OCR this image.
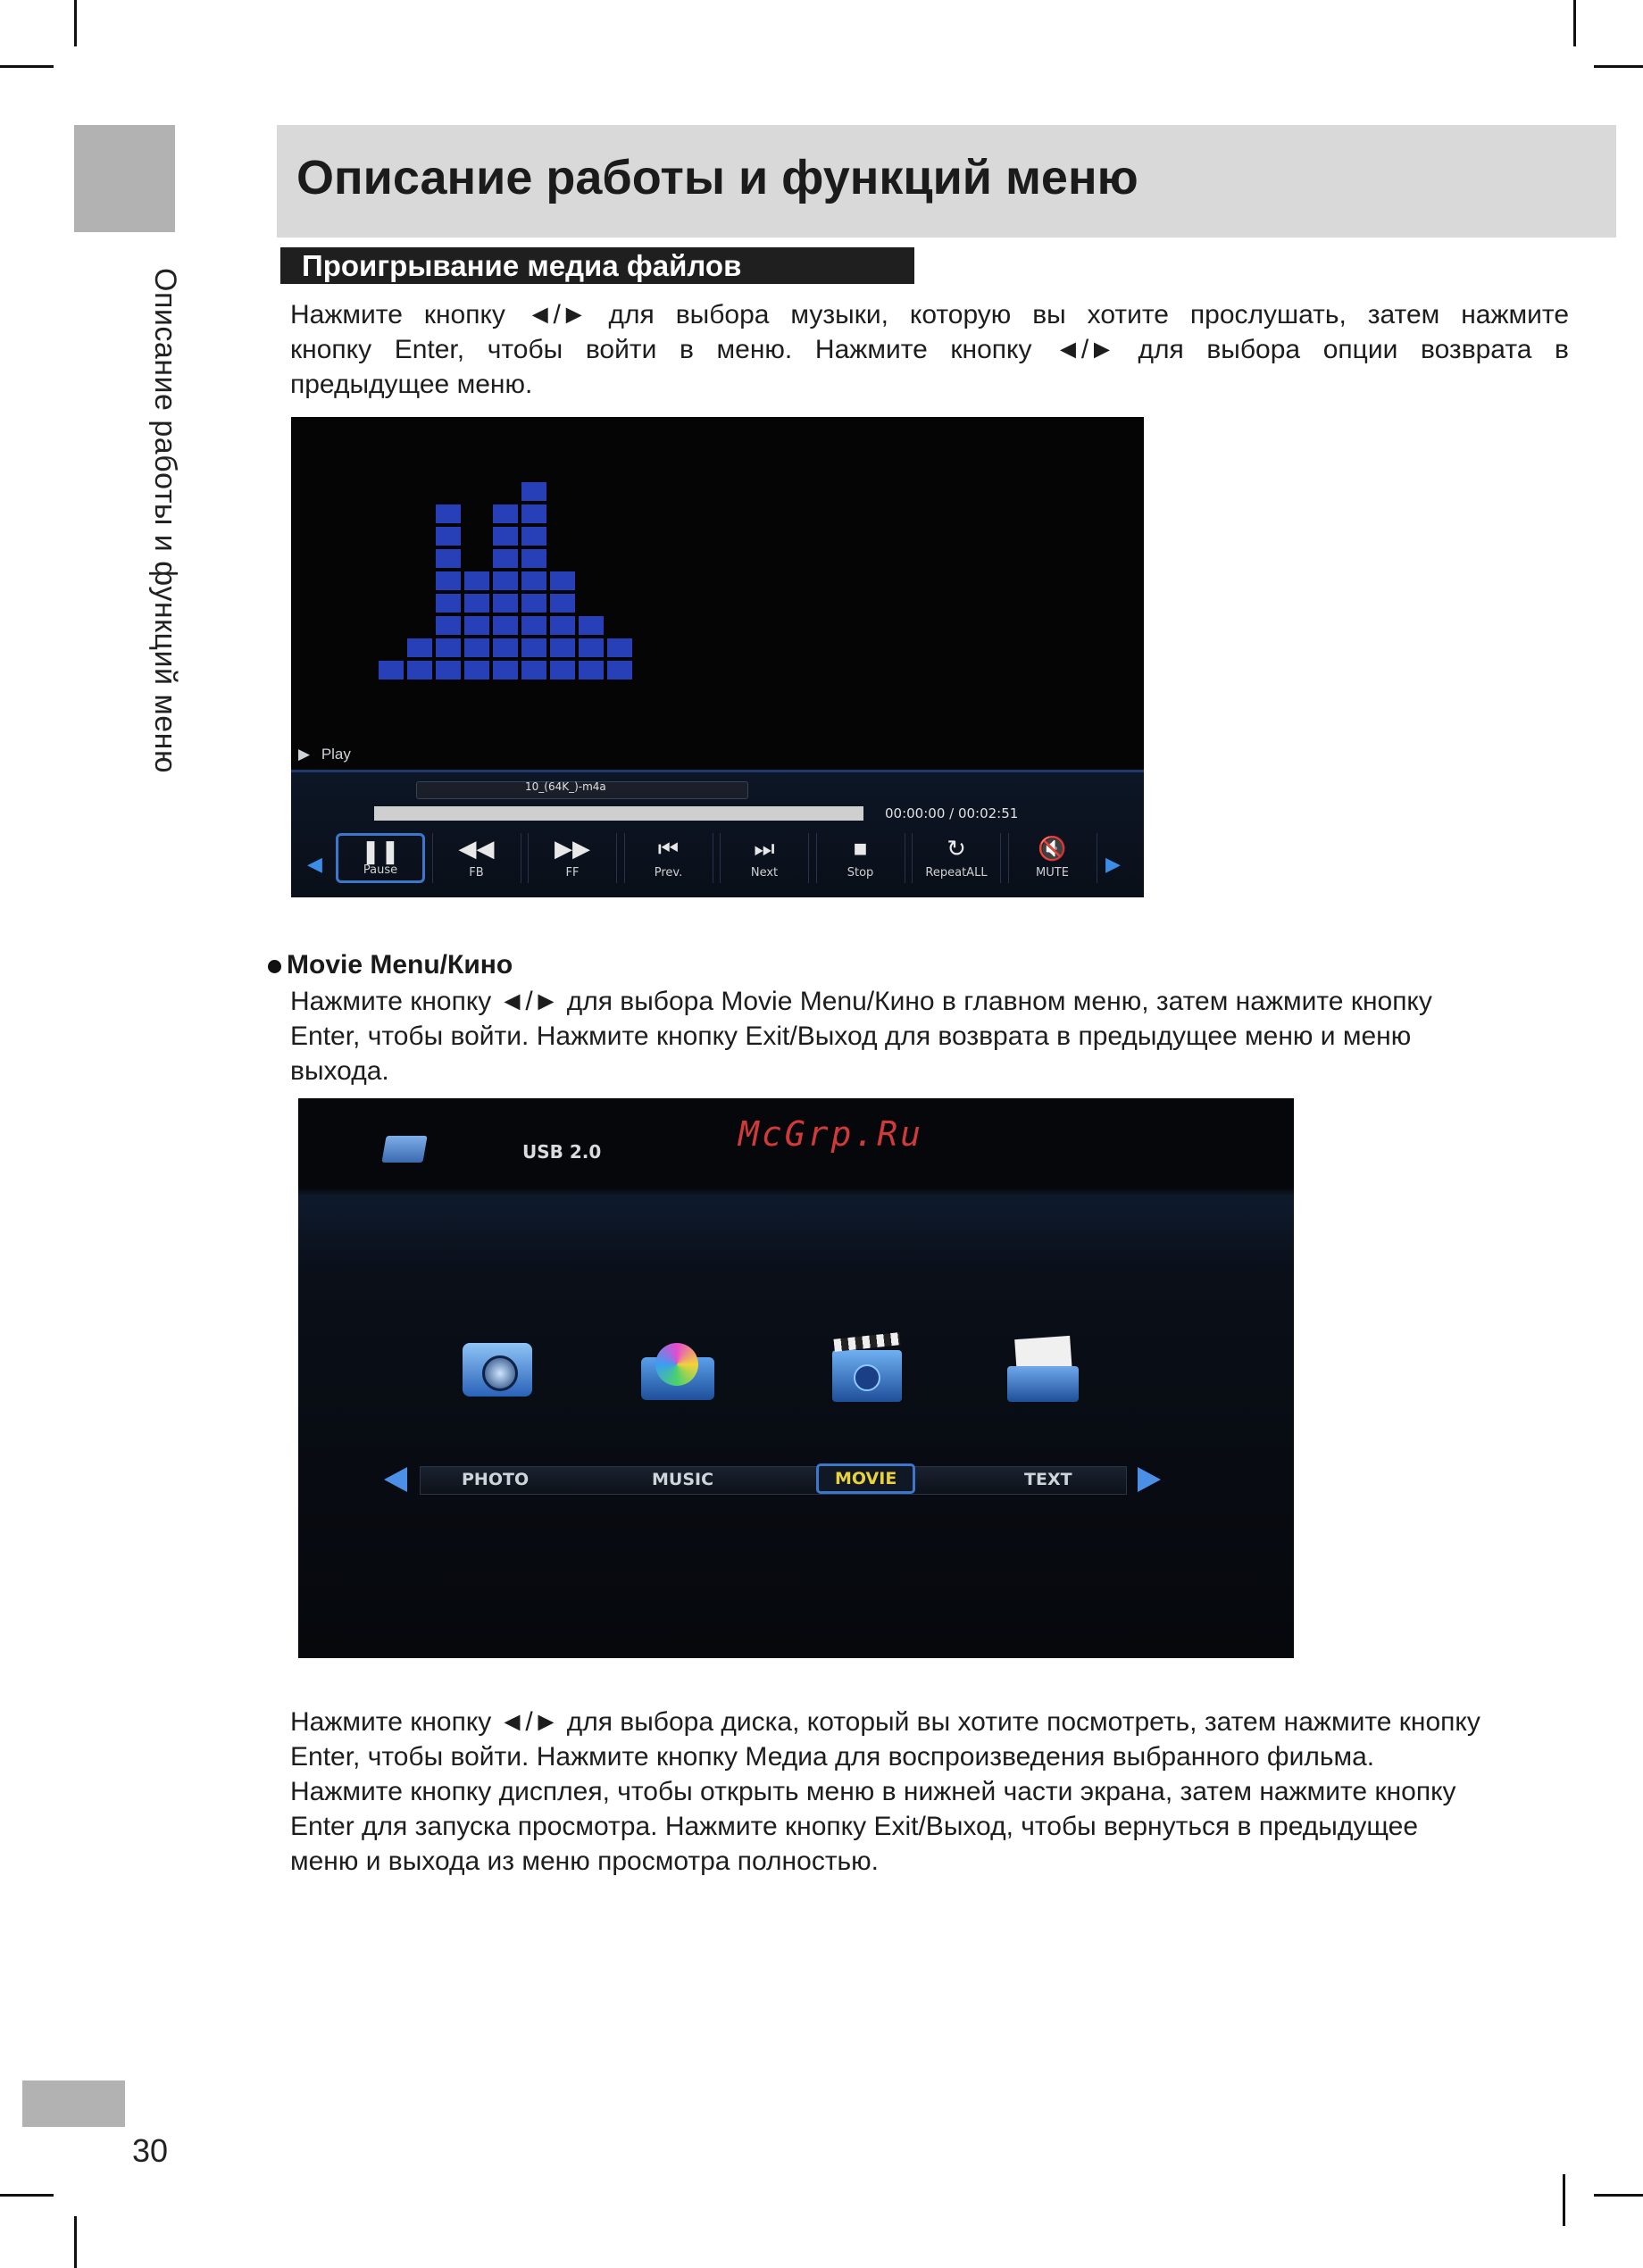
30
Описание работы и функций меню
Описание работы и функций меню
Проигрывание медиа файлов

Нажмите кнопку ◄/► для выбора музыки, которую вы хотите прослушать, затем нажмите

кнопку Enter, чтобы войти в меню. Нажмите кнопку ◄/► для выбора опции возврата в

предыдущее меню.

▶ Play
10_(64K_)-m4a
00:00:00 / 00:02:51
◀	▶
❚❚
Pause
◀◀
FB
▶▶
FF
⏮
Prev.
⏭
Next
■
Stop
↻
RepeatALL
🔇
MUTE
Movie Menu/Кино

Нажмите кнопку ◄/► для выбора Movie Menu/Кино в главном меню, затем нажмите кнопку

Enter, чтобы войти. Нажмите кнопку Exit/Выход для возврата в предыдущее меню и меню

выхода.

USB 2.0	McGrp.Ru
PHOTO	MUSIC	MOVIE	TEXT

Нажмите кнопку ◄/► для выбора диска, который вы хотите посмотреть, затем нажмите кнопку

Enter, чтобы войти. Нажмите кнопку Медиа для воспроизведения выбранного фильма.

Нажмите кнопку дисплея, чтобы открыть меню в нижней части экрана, затем нажмите кнопку

Enter для запуска просмотра. Нажмите кнопку Exit/Выход, чтобы вернуться в предыдущее

меню и выхода из меню просмотра полностью.
